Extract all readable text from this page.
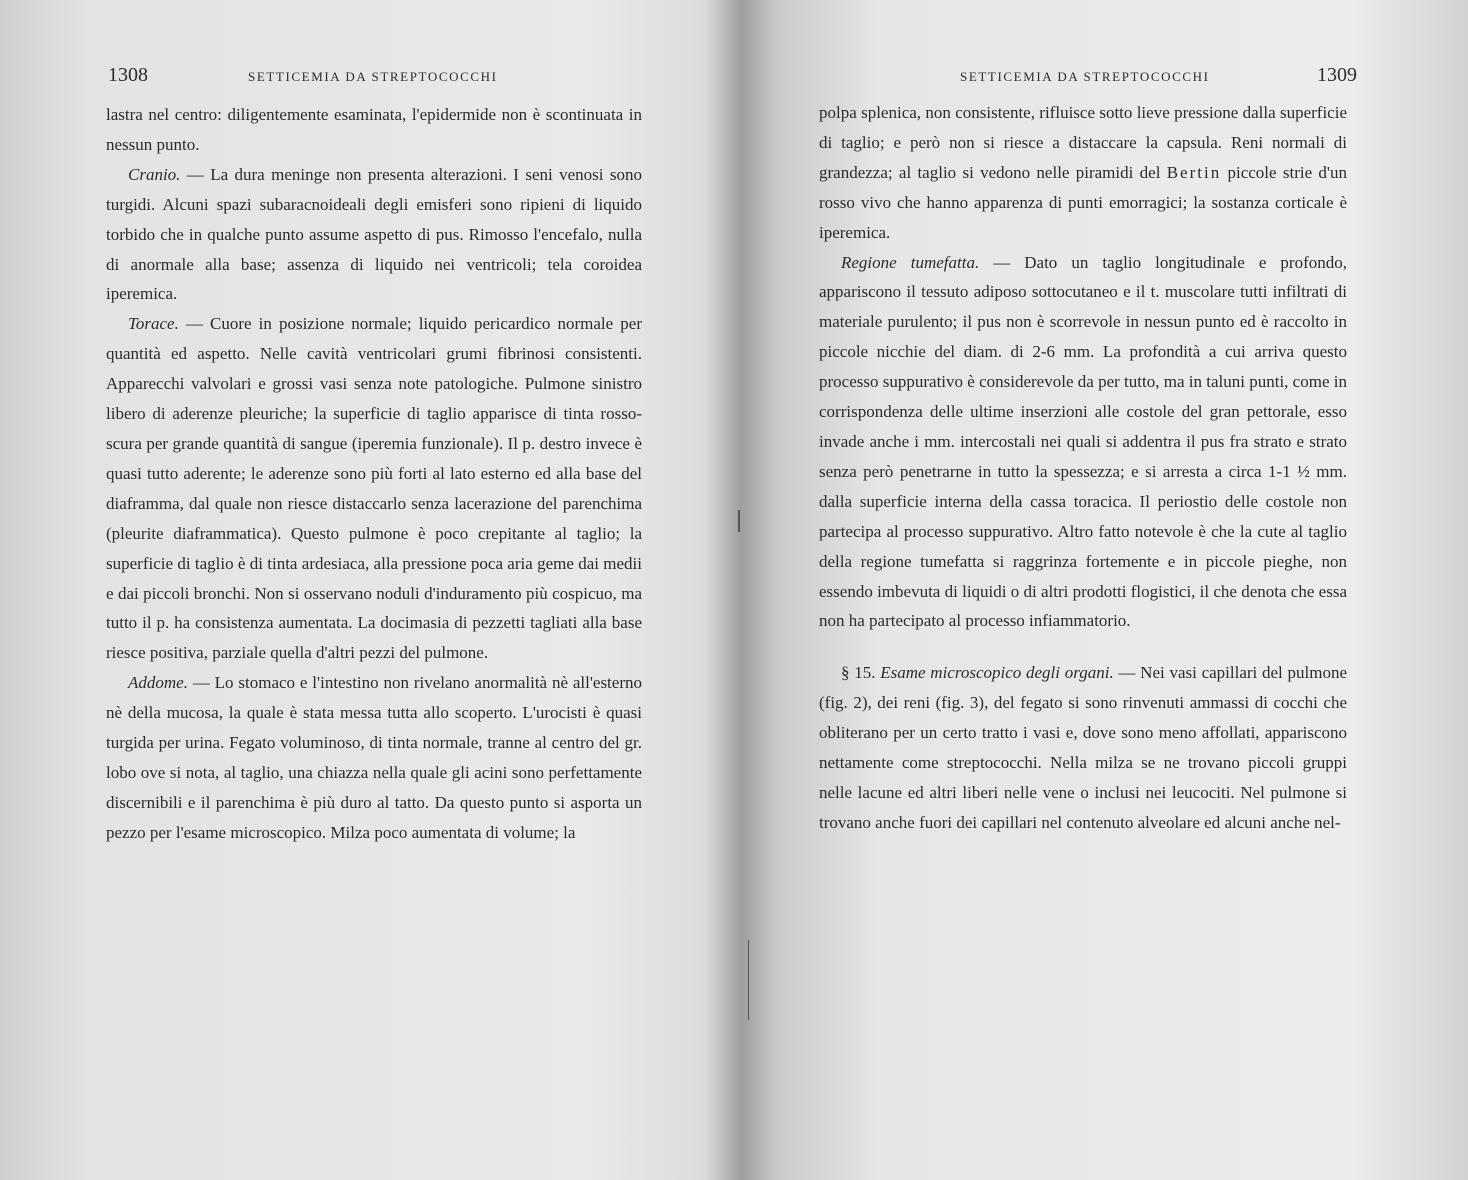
1308	SETTICEMIA DA STREPTOCOCCHI

lastra nel centro: diligentemente esaminata, l'epidermide non è scontinuata in nessun punto.

Cranio. — La dura meninge non presenta alterazioni. I seni venosi sono turgidi. Alcuni spazi subaracnoideali degli emisferi sono ripieni di liquido torbido che in qualche punto assume aspetto di pus. Rimosso l'encefalo, nulla di anormale alla base; assenza di liquido nei ventricoli; tela coroidea iperemica.

Torace. — Cuore in posizione normale; liquido pericardico normale per quantità ed aspetto. Nelle cavità ventricolari grumi fibrinosi consistenti. Apparecchi valvolari e grossi vasi senza note patologiche. Pulmone sinistro libero di aderenze pleuriche; la superficie di taglio apparisce di tinta rosso-scura per grande quantità di sangue (iperemia funzionale). Il p. destro invece è quasi tutto aderente; le aderenze sono più forti al lato esterno ed alla base del diaframma, dal quale non riesce distaccarlo senza lacerazione del parenchima (pleurite diaframmatica). Questo pulmone è poco crepitante al taglio; la superficie di taglio è di tinta ardesiaca, alla pressione poca aria geme dai medii e dai piccoli bronchi. Non si osservano noduli d'induramento più cospicuo, ma tutto il p. ha consistenza aumentata. La docimasia di pezzetti tagliati alla base riesce positiva, parziale quella d'altri pezzi del pulmone.

Addome. — Lo stomaco e l'intestino non rivelano anormalità nè all'esterno nè della mucosa, la quale è stata messa tutta allo scoperto. L'urocisti è quasi turgida per urina. Fegato voluminoso, di tinta normale, tranne al centro del gr. lobo ove si nota, al taglio, una chiazza nella quale gli acini sono perfettamente discernibili e il parenchima è più duro al tatto. Da questo punto si asporta un pezzo per l'esame microscopico. Milza poco aumentata di volume; la

SETTICEMIA DA STREPTOCOCCHI	1309

polpa splenica, non consistente, rifluisce sotto lieve pressione dalla superficie di taglio; e però non si riesce a distaccare la capsula. Reni normali di grandezza; al taglio si vedono nelle piramidi del Bertin piccole strie d'un rosso vivo che hanno apparenza di punti emorragici; la sostanza corticale è iperemica.

Regione tumefatta. — Dato un taglio longitudinale e profondo, appariscono il tessuto adiposo sottocutaneo e il t. muscolare tutti infiltrati di materiale purulento; il pus non è scorrevole in nessun punto ed è raccolto in piccole nicchie del diam. di 2-6 mm. La profondità a cui arriva questo processo suppurativo è considerevole da per tutto, ma in taluni punti, come in corrispondenza delle ultime inserzioni alle costole del gran pettorale, esso invade anche i mm. intercostali nei quali si addentra il pus fra strato e strato senza però penetrarne in tutto la spessezza; e si arresta a circa 1-1 ½ mm. dalla superficie interna della cassa toracica. Il periostio delle costole non partecipa al processo suppurativo. Altro fatto notevole è che la cute al taglio della regione tumefatta si raggrinza fortemente e in piccole pieghe, non essendo imbevuta di liquidi o di altri prodotti flogistici, il che denota che essa non ha partecipato al processo infiammatorio.

§ 15. Esame microscopico degli organi. — Nei vasi capillari del pulmone (fig. 2), dei reni (fig. 3), del fegato si sono rinvenuti ammassi di cocchi che obliterano per un certo tratto i vasi e, dove sono meno affollati, appariscono nettamente come streptococchi. Nella milza se ne trovano piccoli gruppi nelle lacune ed altri liberi nelle vene o inclusi nei leucociti. Nel pulmone si trovano anche fuori dei capillari nel contenuto alveolare ed alcuni anche nel-
